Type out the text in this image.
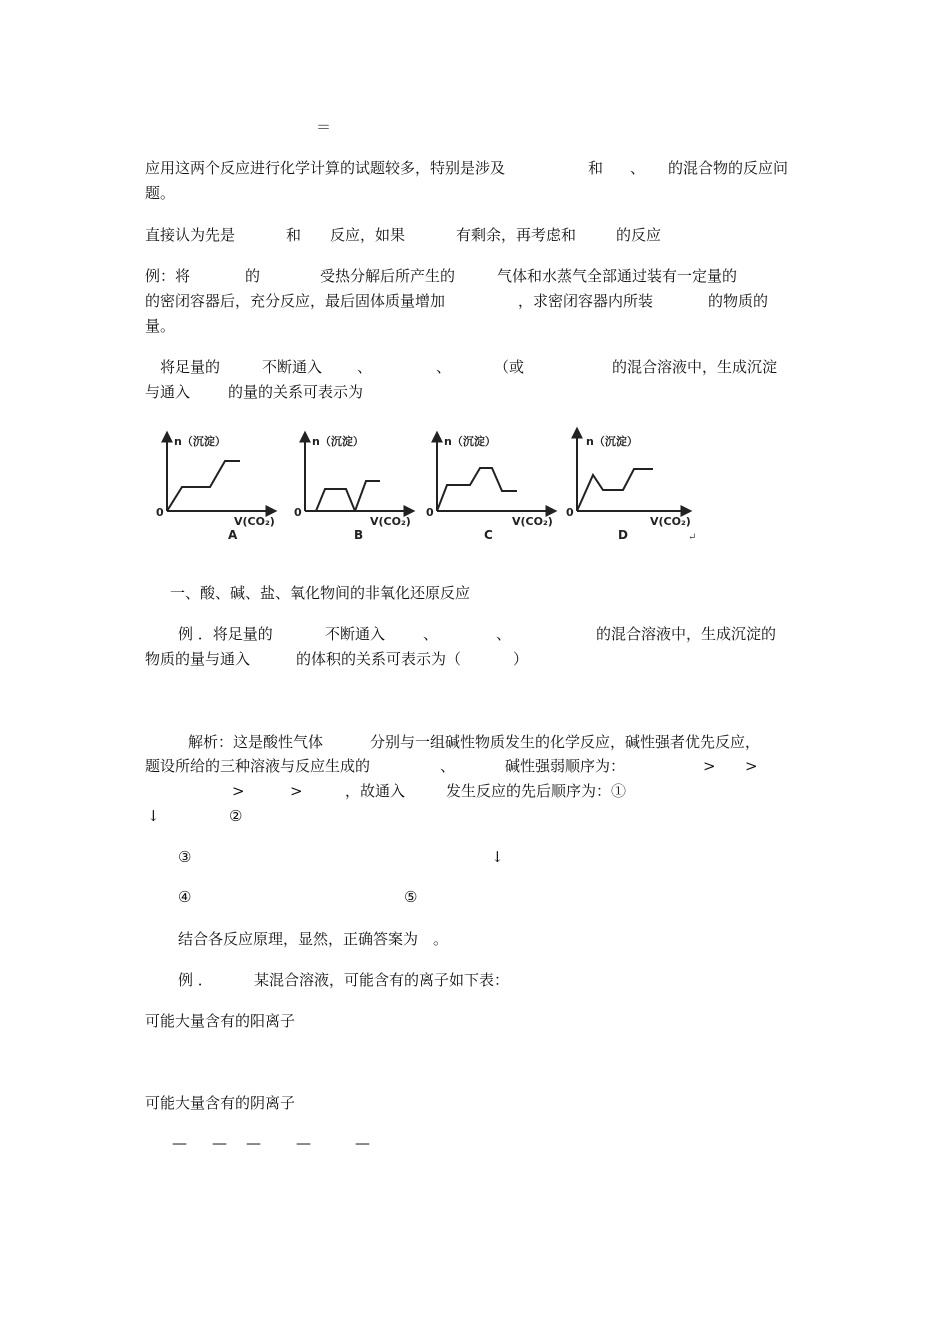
＝
应用这两个反应进行化学计算的试题较多，特别是涉及	和 、 的混合物的反应问
题。
直接认为先是	和 反应，如果	有剩余，再考虑和	的反应
例：将	的	受热分解后所产生的	气体和水蒸气全部通过装有一定量的
的密闭容器后，充分反应，最后固体质量增加	，求密闭容器内所装	的物质的
量。
将足量的	不断通入 、	、	（或	的混合溶液中，生成沉淀
与通入	的量的关系可表示为
n（沉淀）
0
V(CO₂)
A
n（沉淀）
0
V(CO₂)
B
n（沉淀）
0
V(CO₂)
C
n（沉淀）
0
V(CO₂)
D	↵
一、酸、碱、盐、氧化物间的非氧化还原反应
例 ．将足量的	不断通入	、	、	的混合溶液中，生成沉淀的
物质的量与通入	的体积的关系可表示为（	）
解析：这是酸性气体	分别与一组碱性物质发生的化学反应，碱性强者优先反应，
题设所给的三种溶液与反应生成的	、	碱性强弱顺序为：	> >
>	>	，故通入	发生反应的先后顺序为：①
↓	②
③	↓
④	⑤
结合各反应原理，显然，正确答案为　。
例 ．	某混合溶液，可能含有的离子如下表：
可能大量含有的阳离子
可能大量含有的阴离子
— — — —	—
